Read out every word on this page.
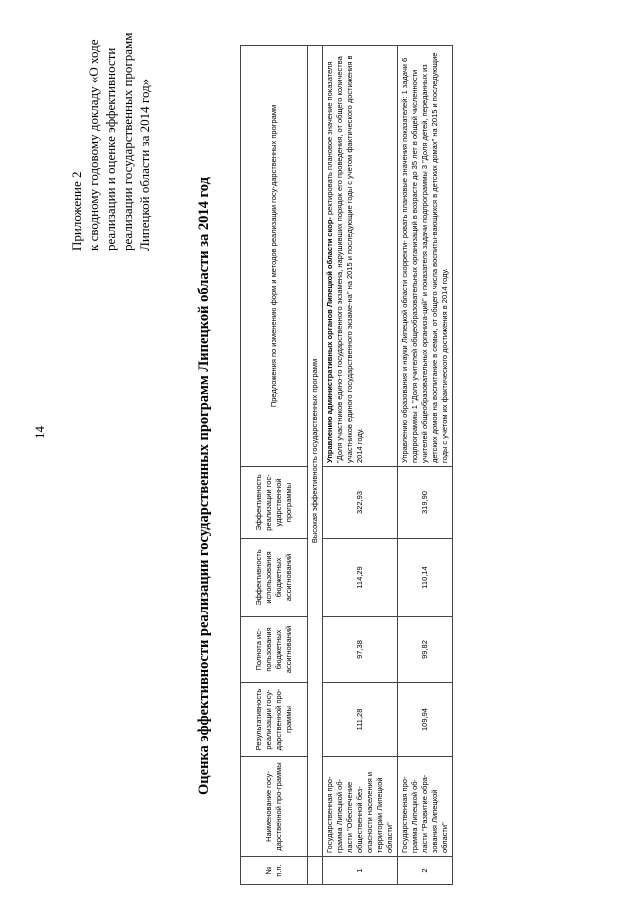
14
Приложение 2 к сводному годовому докладу «О ходе реализации и оценке эффективности реализации государственных программ Липецкой области за 2014 год»
Оценка эффективности реализации государственных программ Липецкой области за 2014 год
№ п.п.	Наименование госу-дарственной про-граммы	Результативность реализации госу-дарственной про-граммы	Полнота ис-пользования бюджетных ассигнований	Эффективность использования бюджетных ассигнований	Эффективность реализации гос-ударственной программы	Предложения по изменению форм и методов реализации госу-дарственных программ
	Высокая эффективность государственных программ					
1	Государственная про-грамма Липецкой об-ласти "Обеспечение общественной без-опасности населения и территории Липецкой области"	111,28	97,38	114,29	322,93	Управлению административных органов Липецкой области скор- ректировать плановое значение показателя "Доля участников едино-го государственного экзамена, нарушивших порядок его проведения, от общего количества участников единого государственного экзаме-на" на 2015 и последующие годы с учетом фактического достижения в 2014 году.
2	Государственная про-грамма Липецкой об-ласти "Развитие обра-зования Липецкой области"	109,94	99,82	110,14	319,90	Управлению образования и науки Липецкой области скорректи- ровать плановые значения показателей: 1 задачи 6 подпрограммы 1 "Доля учителей общеобразовательных организаций в возрасте до 35 лет в общей численности учителей общеобразовательных организа-ций" и показателя задачи подпрограммы 3 "Доля детей, переданных из детских домов на воспитание в семьи, от общего числа воспиты-вающихся в детских домах" на 2015 и последующие годы с учетом их фактического достижения в 2014 году.
